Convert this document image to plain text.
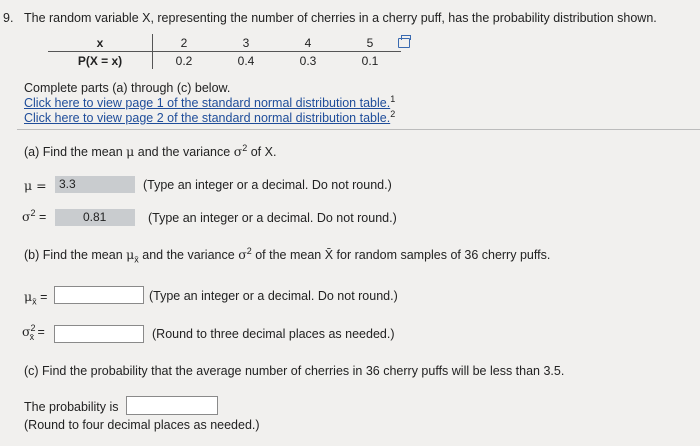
9. The random variable X, representing the number of cherries in a cherry puff, has the probability distribution shown.
x	2	3	4	5
P(X = x)	0.2	0.4	0.3	0.1
Complete parts (a) through (c) below.
Click here to view page 1 of the standard normal distribution table.$^1$
Click here to view page 2 of the standard normal distribution table.$^2$
(a) Find the mean μ and the variance $\sigma^2$ of X.
μ =	3.3	(Type an integer or a decimal. Do not round.)
$\sigma^2$ =	0.81	(Type an integer or a decimal. Do not round.)
(b) Find the mean $\mu_{x̄}$ and the variance $\sigma^2$ of the mean X̄ for random samples of 36 cherry puffs.
$\mu_{x̄}$ =	(Type an integer or a decimal. Do not round.)
$\sigma^2_{x̄}$ =	(Round to three decimal places as needed.)
(c) Find the probability that the average number of cherries in 36 cherry puffs will be less than 3.5.
The probability is
(Round to four decimal places as needed.)
